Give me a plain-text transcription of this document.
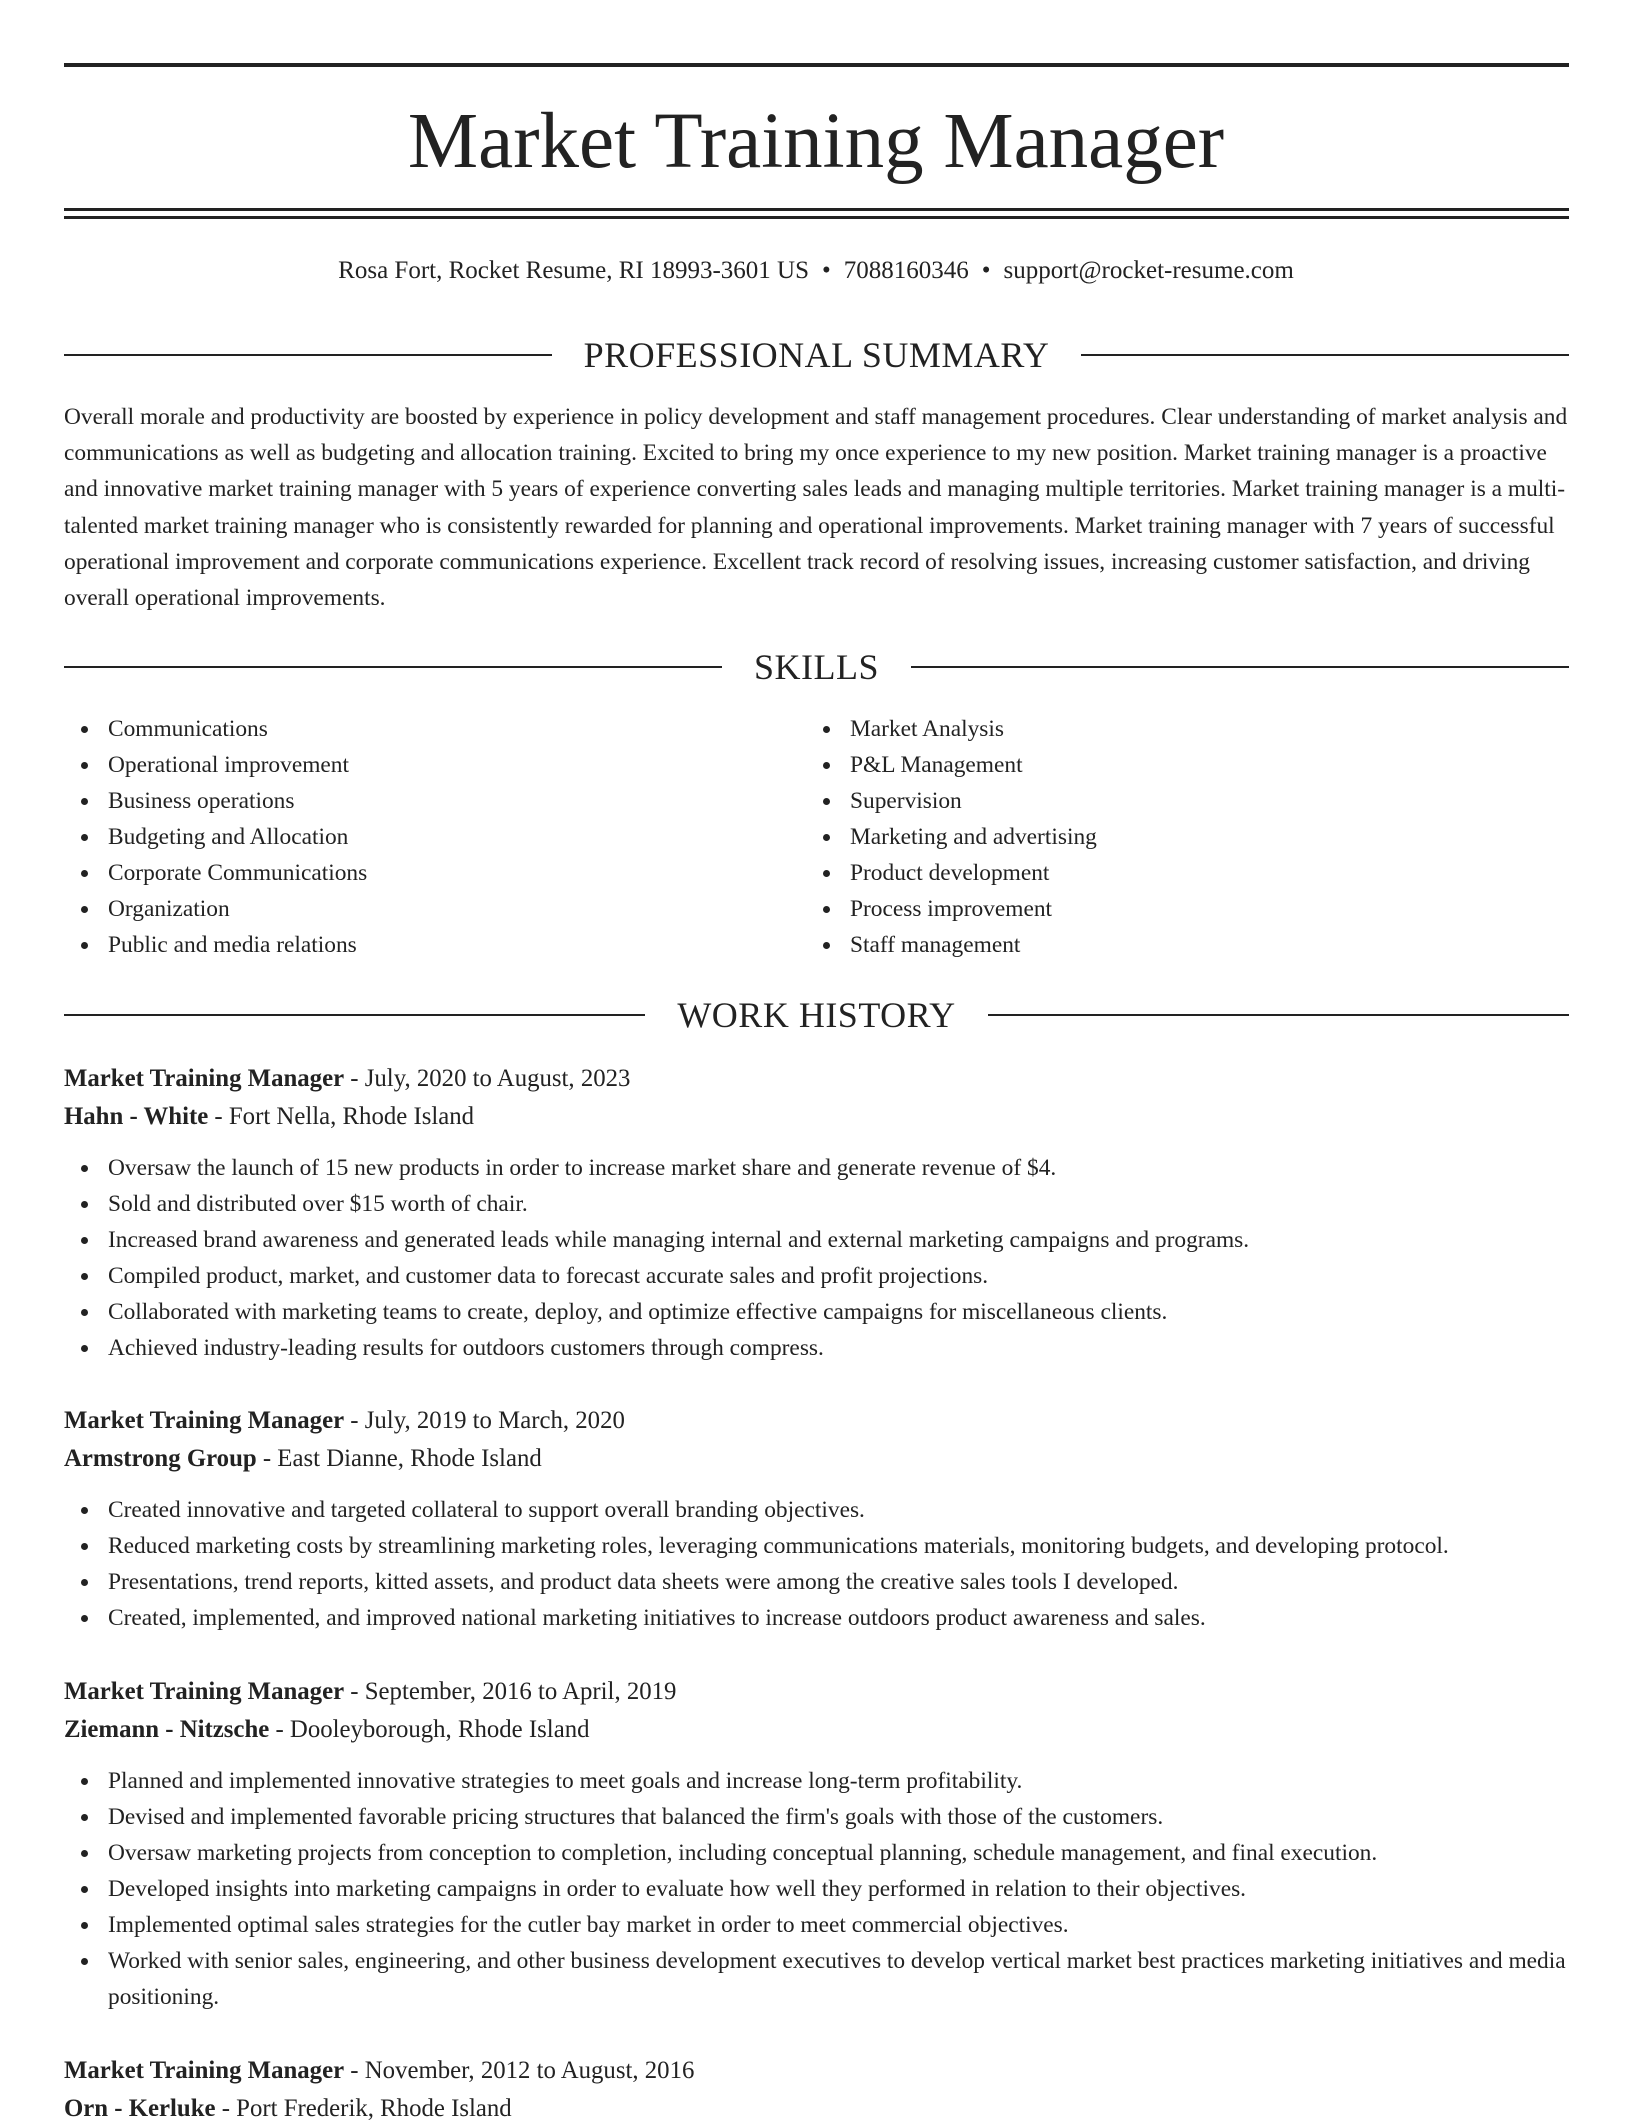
Market Training Manager
Rosa Fort, Rocket Resume, RI 18993-3601 US • 7088160346 • support@rocket-resume.com
PROFESSIONAL SUMMARY

Overall morale and productivity are boosted by experience in policy development and staff management procedures. Clear understanding of market analysis and communications as well as budgeting and allocation training. Excited to bring my once experience to my new position. Market training manager is a proactive and innovative market training manager with 5 years of experience converting sales leads and managing multiple territories. Market training manager is a multi-talented market training manager who is consistently rewarded for planning and operational improvements. Market training manager with 7 years of successful operational improvement and corporate communications experience. Excellent track record of resolving issues, increasing customer satisfaction, and driving overall operational improvements.

SKILLS
Communications
Operational improvement
Business operations
Budgeting and Allocation
Corporate Communications
Organization
Public and media relations
Market Analysis
P&L Management
Supervision
Marketing and advertising
Product development
Process improvement
Staff management
WORK HISTORY
Market Training Manager - July, 2020 to August, 2023
Hahn - White - Fort Nella, Rhode Island
Oversaw the launch of 15 new products in order to increase market share and generate revenue of $4.
Sold and distributed over $15 worth of chair.
Increased brand awareness and generated leads while managing internal and external marketing campaigns and programs.
Compiled product, market, and customer data to forecast accurate sales and profit projections.
Collaborated with marketing teams to create, deploy, and optimize effective campaigns for miscellaneous clients.
Achieved industry-leading results for outdoors customers through compress.
Market Training Manager - July, 2019 to March, 2020
Armstrong Group - East Dianne, Rhode Island
Created innovative and targeted collateral to support overall branding objectives.
Reduced marketing costs by streamlining marketing roles, leveraging communications materials, monitoring budgets, and developing protocol.
Presentations, trend reports, kitted assets, and product data sheets were among the creative sales tools I developed.
Created, implemented, and improved national marketing initiatives to increase outdoors product awareness and sales.
Market Training Manager - September, 2016 to April, 2019
Ziemann - Nitzsche - Dooleyborough, Rhode Island
Planned and implemented innovative strategies to meet goals and increase long-term profitability.
Devised and implemented favorable pricing structures that balanced the firm's goals with those of the customers.
Oversaw marketing projects from conception to completion, including conceptual planning, schedule management, and final execution.
Developed insights into marketing campaigns in order to evaluate how well they performed in relation to their objectives.
Implemented optimal sales strategies for the cutler bay market in order to meet commercial objectives.
Worked with senior sales, engineering, and other business development executives to develop vertical market best practices marketing initiatives and media positioning.
Market Training Manager - November, 2012 to August, 2016
Orn - Kerluke - Port Frederik, Rhode Island
